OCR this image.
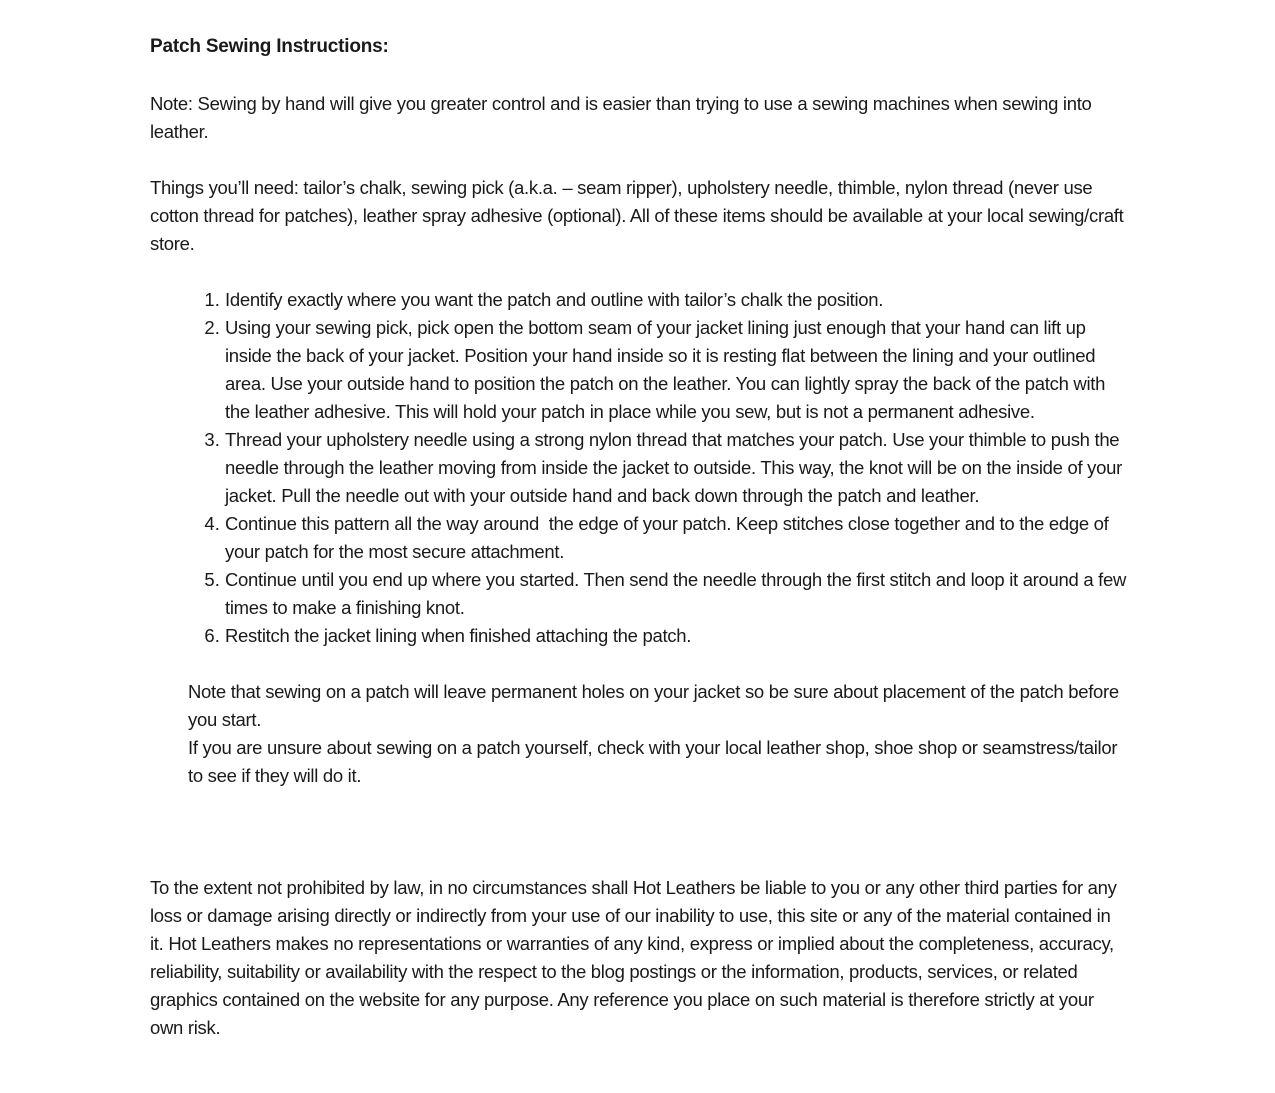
Patch Sewing Instructions:

Note: Sewing by hand will give you greater control and is easier than trying to use a sewing machines when sewing into leather.

Things you’ll need: tailor’s chalk, sewing pick (a.k.a. – seam ripper), upholstery needle, thimble, nylon thread (never use cotton thread for patches), leather spray adhesive (optional). All of these items should be available at your local sewing/craft store.

1. Identify exactly where you want the patch and outline with tailor’s chalk the position.
2. Using your sewing pick, pick open the bottom seam of your jacket lining just enough that your hand can lift up inside the back of your jacket. Position your hand inside so it is resting flat between the lining and your outlined area. Use your outside hand to position the patch on the leather. You can lightly spray the back of the patch with the leather adhesive. This will hold your patch in place while you sew, but is not a permanent adhesive.
3. Thread your upholstery needle using a strong nylon thread that matches your patch. Use your thimble to push the needle through the leather moving from inside the jacket to outside. This way, the knot will be on the inside of your jacket. Pull the needle out with your outside hand and back down through the patch and leather.
4. Continue this pattern all the way around  the edge of your patch. Keep stitches close together and to the edge of your patch for the most secure attachment.
5. Continue until you end up where you started. Then send the needle through the first stitch and loop it around a few times to make a finishing knot.
6. Restitch the jacket lining when finished attaching the patch.

Note that sewing on a patch will leave permanent holes on your jacket so be sure about placement of the patch before you start.

If you are unsure about sewing on a patch yourself, check with your local leather shop, shoe shop or seamstress/tailor to see if they will do it.

To the extent not prohibited by law, in no circumstances shall Hot Leathers be liable to you or any other third parties for any loss or damage arising directly or indirectly from your use of our inability to use, this site or any of the material contained in it. Hot Leathers makes no representations or warranties of any kind, express or implied about the completeness, accuracy, reliability, suitability or availability with the respect to the blog postings or the information, products, services, or related graphics contained on the website for any purpose. Any reference you place on such material is therefore strictly at your own risk.
